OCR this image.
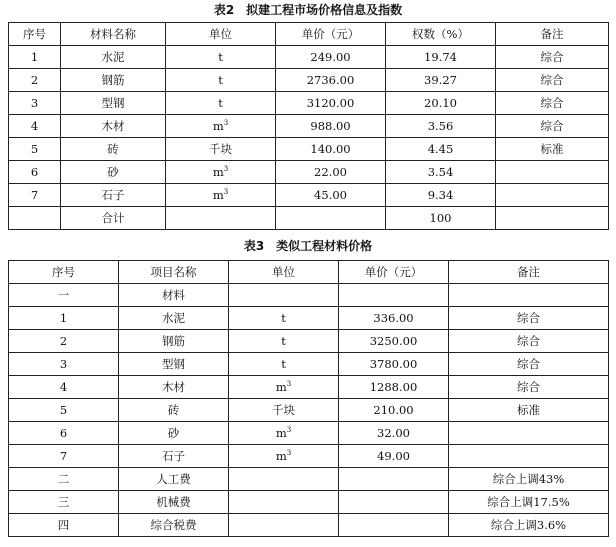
表2　拟建工程市场价格信息及指数
序号	材料名称	单位	单价（元）	权数（%）	备注
1	水泥	t	249.00	19.74	综合
2	钢筋	t	2736.00	39.27	综合
3	型钢	t	3120.00	20.10	综合
4	木材	$m^3$	988.00	3.56	综合
5	砖	千块	140.00	4.45	标准
6	砂	$m^3$	22.00	3.54	
7	石子	$m^3$	45.00	9.34	
	合计			100	
表3　类似工程材料价格
序号	项目名称	单位	单价（元）	备注
一	材料			
1	水泥	t	336.00	综合
2	钢筋	t	3250.00	综合
3	型钢	t	3780.00	综合
4	木材	$m^3$	1288.00	综合
5	砖	千块	210.00	标准
6	砂	$m^3$	32.00	
7	石子	$m^3$	49.00	
二	人工费			综合上调43%
三	机械费			综合上调17.5%
四	综合税费			综合上调3.6%
